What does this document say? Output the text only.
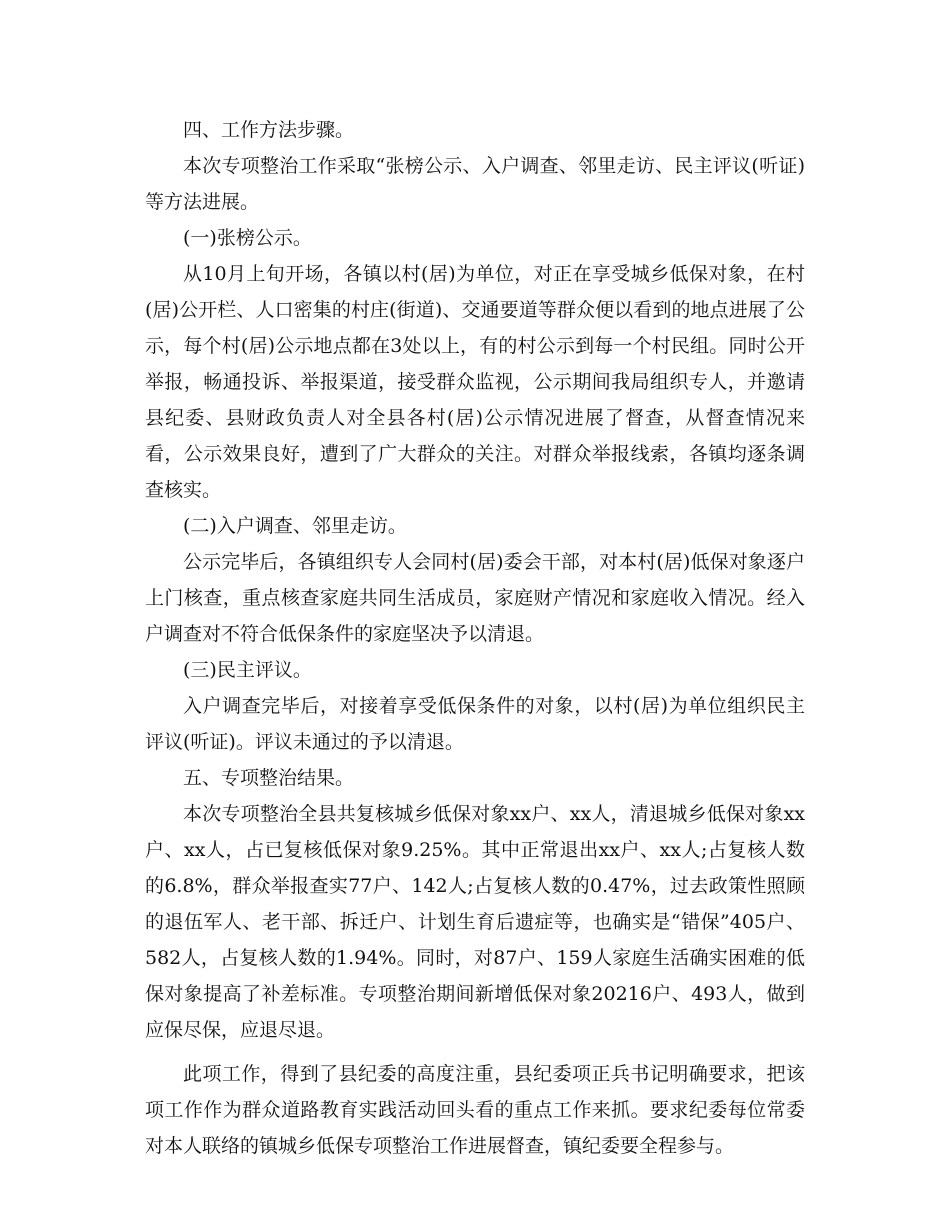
四、工作方法步骤。

本次专项整治工作采取“张榜公示、入户调查、邻里走访、民主评议(听证)等方法进展。

(一)张榜公示。

从10月上旬开场，各镇以村(居)为单位，对正在享受城乡低保对象，在村(居)公开栏、人口密集的村庄(街道)、交通要道等群众便以看到的地点进展了公示，每个村(居)公示地点都在3处以上，有的村公示到每一个村民组。同时公开举报，畅通投诉、举报渠道，接受群众监视，公示期间我局组织专人，并邀请县纪委、县财政负责人对全县各村(居)公示情况进展了督查，从督查情况来看，公示效果良好，遭到了广大群众的关注。对群众举报线索，各镇均逐条调查核实。

(二)入户调查、邻里走访。

公示完毕后，各镇组织专人会同村(居)委会干部，对本村(居)低保对象逐户上门核查，重点核查家庭共同生活成员，家庭财产情况和家庭收入情况。经入户调查对不符合低保条件的家庭坚决予以清退。

(三)民主评议。

入户调查完毕后，对接着享受低保条件的对象，以村(居)为单位组织民主评议(听证)。评议未通过的予以清退。

五、专项整治结果。

本次专项整治全县共复核城乡低保对象xx户、xx人，清退城乡低保对象xx户、xx人，占已复核低保对象9.25%。其中正常退出xx户、xx人;占复核人数的6.8%，群众举报查实77户、142人;占复核人数的0.47%，过去政策性照顾的退伍军人、老干部、拆迁户、计划生育后遗症等，也确实是“错保”405户、582人，占复核人数的1.94%。同时，对87户、159人家庭生活确实困难的低保对象提高了补差标准。专项整治期间新增低保对象20216户、493人，做到应保尽保，应退尽退。

此项工作，得到了县纪委的高度注重，县纪委项正兵书记明确要求，把该项工作作为群众道路教育实践活动回头看的重点工作来抓。要求纪委每位常委对本人联络的镇城乡低保专项整治工作进展督查，镇纪委要全程参与。
